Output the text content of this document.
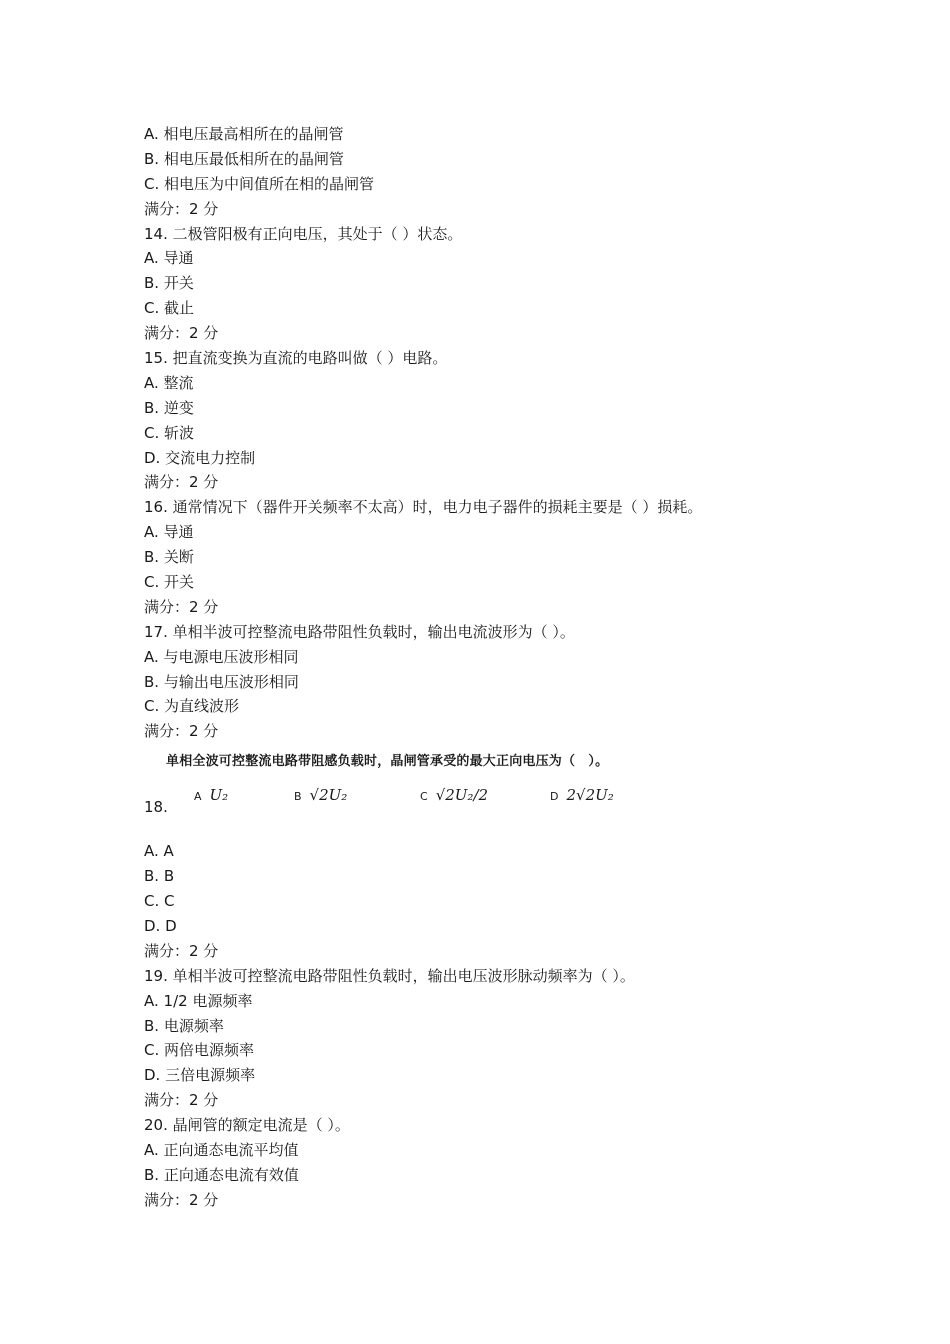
A. 相电压最高相所在的晶闸管
B. 相电压最低相所在的晶闸管
C. 相电压为中间值所在相的晶闸管
满分：2 分
14. 二极管阳极有正向电压，其处于（ ）状态。
A. 导通
B. 开关
C. 截止
满分：2 分
15. 把直流变换为直流的电路叫做（ ）电路。
A. 整流
B. 逆变
C. 斩波
D. 交流电力控制
满分：2 分
16. 通常情况下（器件开关频率不太高）时，电力电子器件的损耗主要是（ ）损耗。
A. 导通
B. 关断
C. 开关
满分：2 分
17. 单相半波可控整流电路带阻性负载时，输出电流波形为（ ）。
A. 与电源电压波形相同
B. 与输出电压波形相同
C. 为直线波形
满分：2 分
单相全波可控整流电路带阻感负载时，晶闸管承受的最大正向电压为（　）。
18.
A U₂	B √2U₂	C √2U₂/2	D 2√2U₂
A. A
B. B
C. C
D. D
满分：2 分
19. 单相半波可控整流电路带阻性负载时，输出电压波形脉动频率为（ ）。
A. 1/2 电源频率
B. 电源频率
C. 两倍电源频率
D. 三倍电源频率
满分：2 分
20. 晶闸管的额定电流是（ ）。
A. 正向通态电流平均值
B. 正向通态电流有效值
满分：2 分
